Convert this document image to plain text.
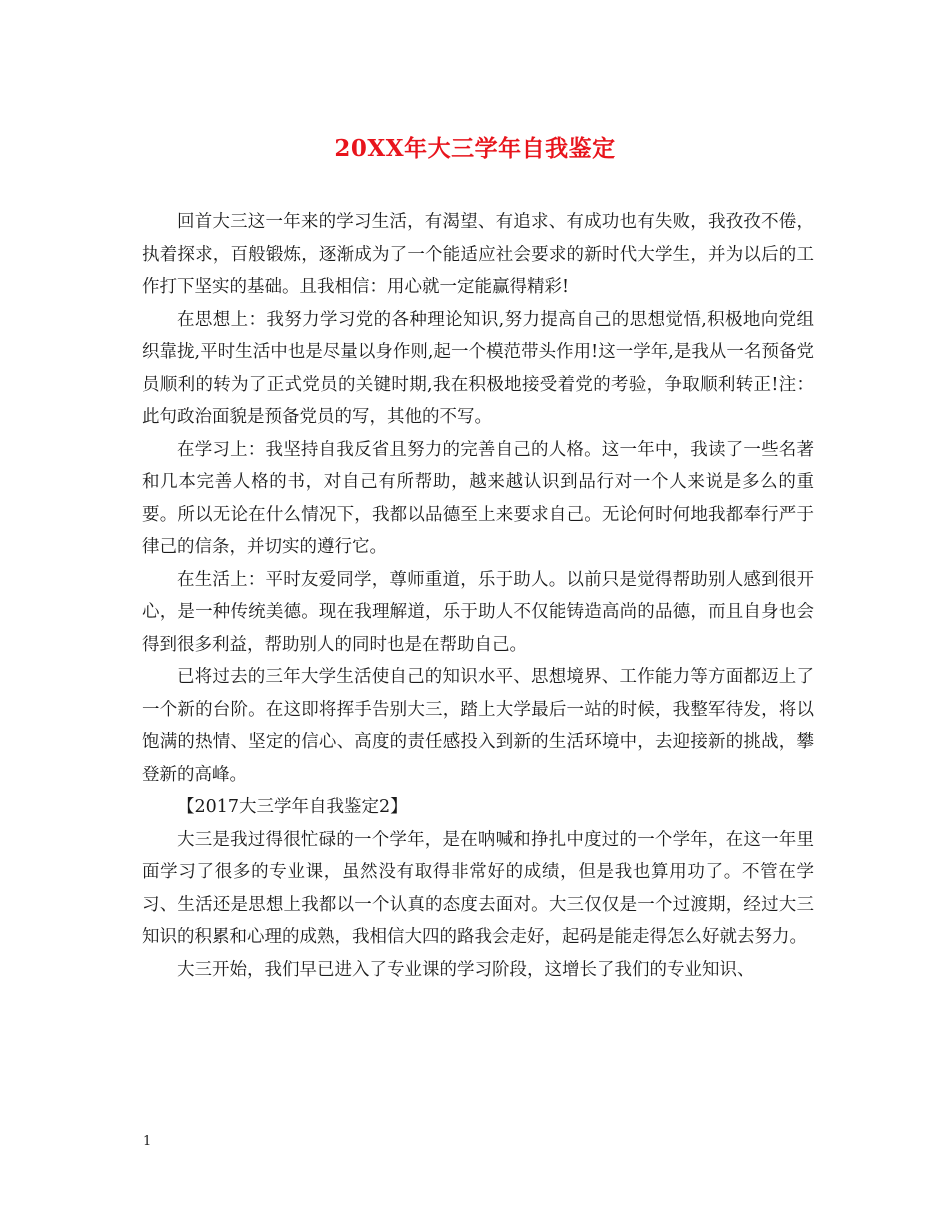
20XX年大三学年自我鉴定

回首大三这一年来的学习生活，有渴望、有追求、有成功也有失败，我孜孜不倦，执着探求，百般锻炼，逐渐成为了一个能适应社会要求的新时代大学生，并为以后的工作打下坚实的基础。且我相信：用心就一定能赢得精彩!

在思想上：我努力学习党的各种理论知识,努力提高自己的思想觉悟,积极地向党组织靠拢,平时生活中也是尽量以身作则,起一个模范带头作用!这一学年,是我从一名预备党员顺利的转为了正式党员的关键时期,我在积极地接受着党的考验，争取顺利转正!注：此句政治面貌是预备党员的写，其他的不写。

在学习上：我坚持自我反省且努力的完善自己的人格。这一年中，我读了一些名著和几本完善人格的书，对自己有所帮助，越来越认识到品行对一个人来说是多么的重要。所以无论在什么情况下，我都以品德至上来要求自己。无论何时何地我都奉行严于律己的信条，并切实的遵行它。

在生活上：平时友爱同学，尊师重道，乐于助人。以前只是觉得帮助别人感到很开心，是一种传统美德。现在我理解道，乐于助人不仅能铸造高尚的品德，而且自身也会得到很多利益，帮助别人的同时也是在帮助自己。

已将过去的三年大学生活使自己的知识水平、思想境界、工作能力等方面都迈上了一个新的台阶。在这即将挥手告别大三，踏上大学最后一站的时候，我整军待发，将以饱满的热情、坚定的信心、高度的责任感投入到新的生活环境中，去迎接新的挑战，攀登新的高峰。

【2017大三学年自我鉴定2】

大三是我过得很忙碌的一个学年，是在呐喊和挣扎中度过的一个学年，在这一年里面学习了很多的专业课，虽然没有取得非常好的成绩，但是我也算用功了。不管在学习、生活还是思想上我都以一个认真的态度去面对。大三仅仅是一个过渡期，经过大三知识的积累和心理的成熟，我相信大四的路我会走好，起码是能走得怎么好就去努力。

大三开始，我们早已进入了专业课的学习阶段，这增长了我们的专业知识、

1
